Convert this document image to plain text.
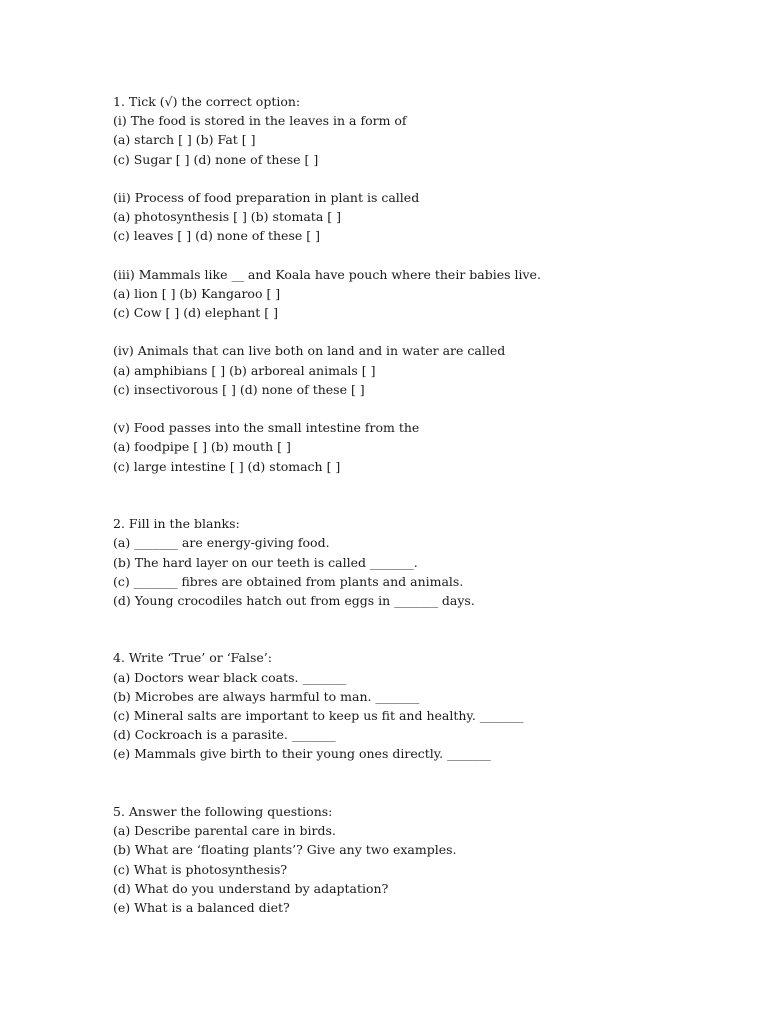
1. Tick (√) the correct option:
(i) The food is stored in the leaves in a form of
(a) starch [ ] (b) Fat [ ]
(c) Sugar [ ] (d) none of these [ ]
(ii) Process of food preparation in plant is called
(a) photosynthesis [ ] (b) stomata [ ]
(c) leaves [ ] (d) none of these [ ]
(iii) Mammals like __ and Koala have pouch where their babies live.
(a) lion [ ] (b) Kangaroo [ ]
(c) Cow [ ] (d) elephant [ ]
(iv) Animals that can live both on land and in water are called
(a) amphibians [ ] (b) arboreal animals [ ]
(c) insectivorous [ ] (d) none of these [ ]
(v) Food passes into the small intestine from the
(a) foodpipe [ ] (b) mouth [ ]
(c) large intestine [ ] (d) stomach [ ]
2. Fill in the blanks:
(a) _______ are energy-giving food.
(b) The hard layer on our teeth is called _______.
(c) _______ fibres are obtained from plants and animals.
(d) Young crocodiles hatch out from eggs in _______ days.
4. Write ‘True’ or ‘False’:
(a) Doctors wear black coats. _______
(b) Microbes are always harmful to man. _______
(c) Mineral salts are important to keep us fit and healthy. _______
(d) Cockroach is a parasite. _______
(e) Mammals give birth to their young ones directly. _______
5. Answer the following questions:
(a) Describe parental care in birds.
(b) What are ‘floating plants’? Give any two examples.
(c) What is photosynthesis?
(d) What do you understand by adaptation?
(e) What is a balanced diet?
